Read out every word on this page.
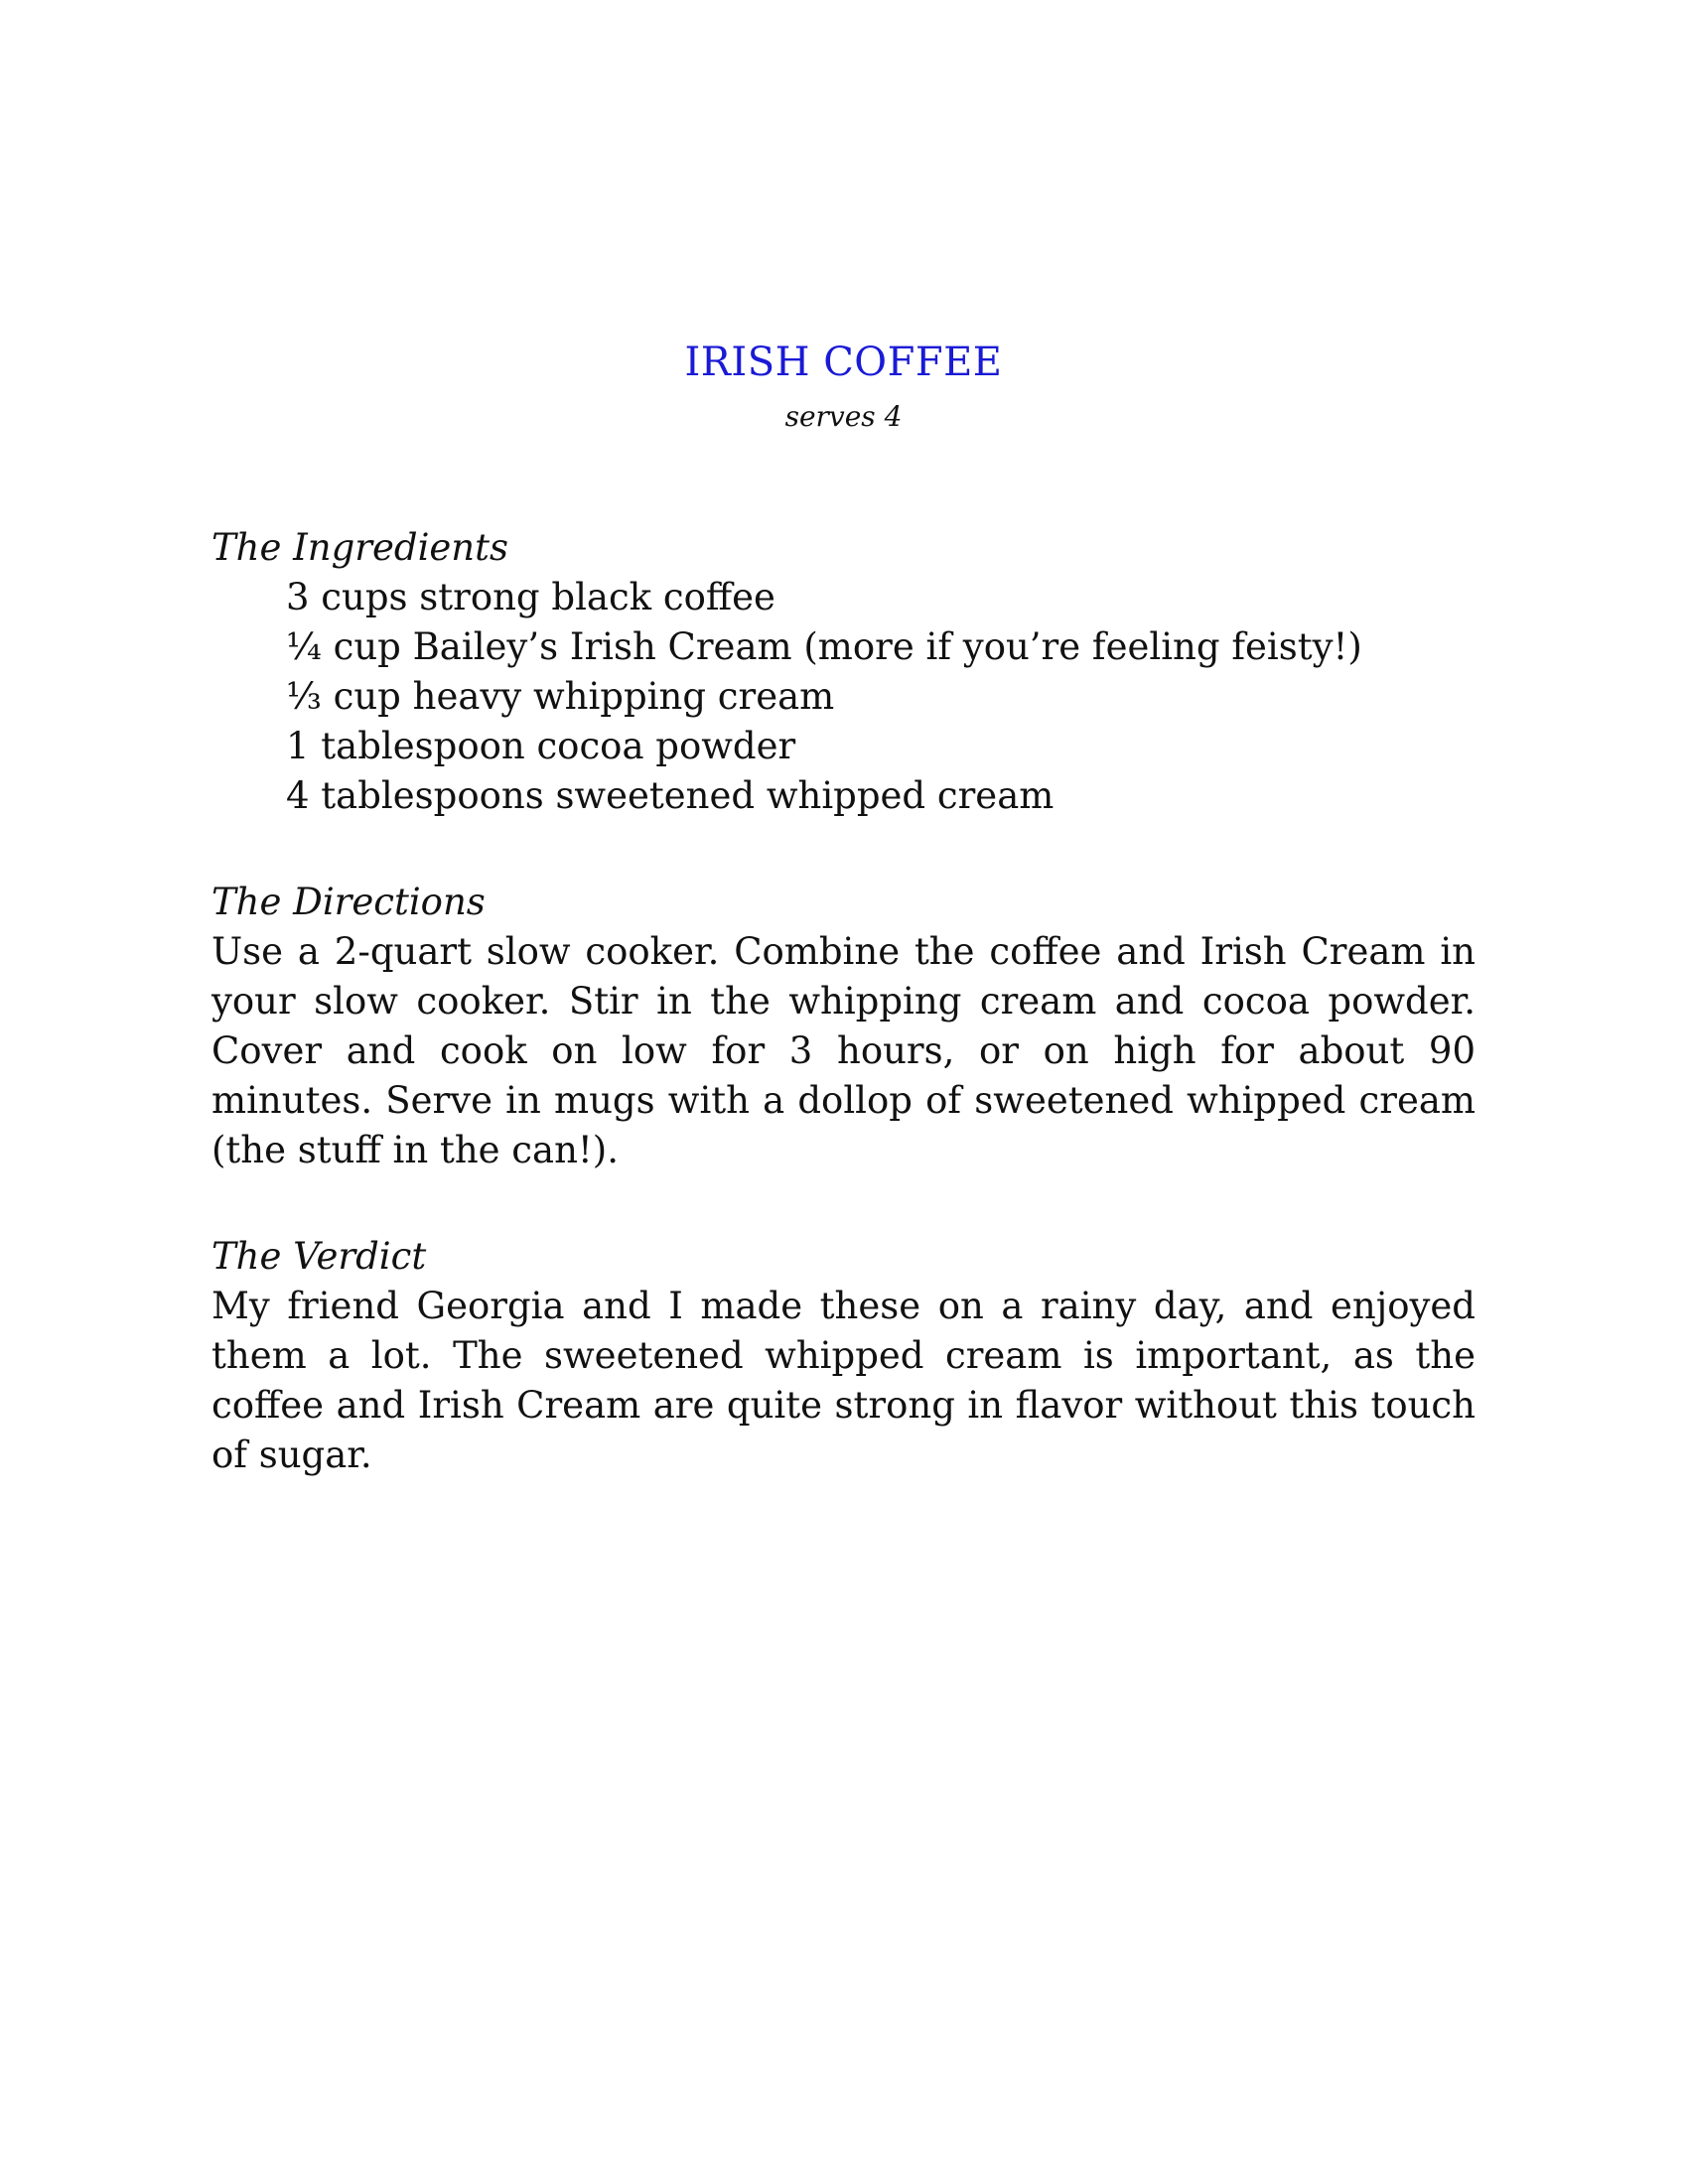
IRISH COFFEE

serves 4

The Ingredients
3 cups strong black coffee
¼ cup Bailey’s Irish Cream (more if you’re feeling feisty!)
⅓ cup heavy whipping cream
1 tablespoon cocoa powder
4 tablespoons sweetened whipped cream
The Directions

Use a 2-quart slow cooker. Combine the coffee and Irish Cream in your slow cooker. Stir in the whipping cream and cocoa powder. Cover and cook on low for 3 hours, or on high for about 90 minutes. Serve in mugs with a dollop of sweetened whipped cream (the stuff in the can!).

The Verdict

My friend Georgia and I made these on a rainy day, and enjoyed them a lot. The sweetened whipped cream is important, as the coffee and Irish Cream are quite strong in flavor without this touch of sugar.
